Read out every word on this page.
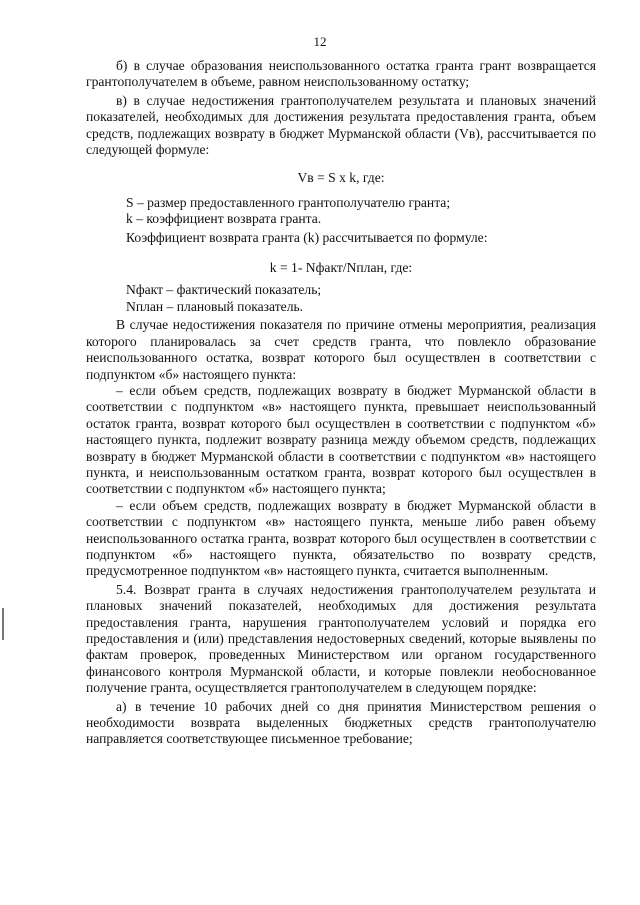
12

б) в случае образования неиспользованного остатка гранта грант возвращается грантополучателем в объеме, равном неиспользованному остатку;

в) в случае недостижения грантополучателем результата и плановых значений показателей, необходимых для достижения результата предоставления гранта, объем средств, подлежащих возврату в бюджет Мурманской области (Vв), рассчитывается по следующей формуле:

Vв = S x k, где:

S – размер предоставленного грантополучателю гранта;

k – коэффициент возврата гранта.

Коэффициент возврата гранта (k) рассчитывается по формуле:

k = 1- Nфакт/Nплан, где:

Nфакт – фактический показатель;

Nплан – плановый показатель.

В случае недостижения показателя по причине отмены мероприятия, реализация которого планировалась за счет средств гранта, что повлекло образование неиспользованного остатка, возврат которого был осуществлен в соответствии с подпунктом «б» настоящего пункта:

– если объем средств, подлежащих возврату в бюджет Мурманской области в соответствии с подпунктом «в» настоящего пункта, превышает неиспользованный остаток гранта, возврат которого был осуществлен в соответствии с подпунктом «б» настоящего пункта, подлежит возврату разница между объемом средств, подлежащих возврату в бюджет Мурманской области в соответствии с подпунктом «в» настоящего пункта, и неиспользованным остатком гранта, возврат которого был осуществлен в соответствии с подпунктом «б» настоящего пункта;

– если объем средств, подлежащих возврату в бюджет Мурманской области в соответствии с подпунктом «в» настоящего пункта, меньше либо равен объему неиспользованного остатка гранта, возврат которого был осуществлен в соответствии с подпунктом «б» настоящего пункта, обязательство по возврату средств, предусмотренное подпунктом «в» настоящего пункта, считается выполненным.

5.4. Возврат гранта в случаях недостижения грантополучателем результата и плановых значений показателей, необходимых для достижения результата предоставления гранта, нарушения грантополучателем условий и порядка его предоставления и (или) представления недостоверных сведений, которые выявлены по фактам проверок, проведенных Министерством или органом государственного финансового контроля Мурманской области, и которые повлекли необоснованное получение гранта, осуществляется грантополучателем в следующем порядке:

а) в течение 10 рабочих дней со дня принятия Министерством решения о необходимости возврата выделенных бюджетных средств грантополучателю направляется соответствующее письменное требование;
